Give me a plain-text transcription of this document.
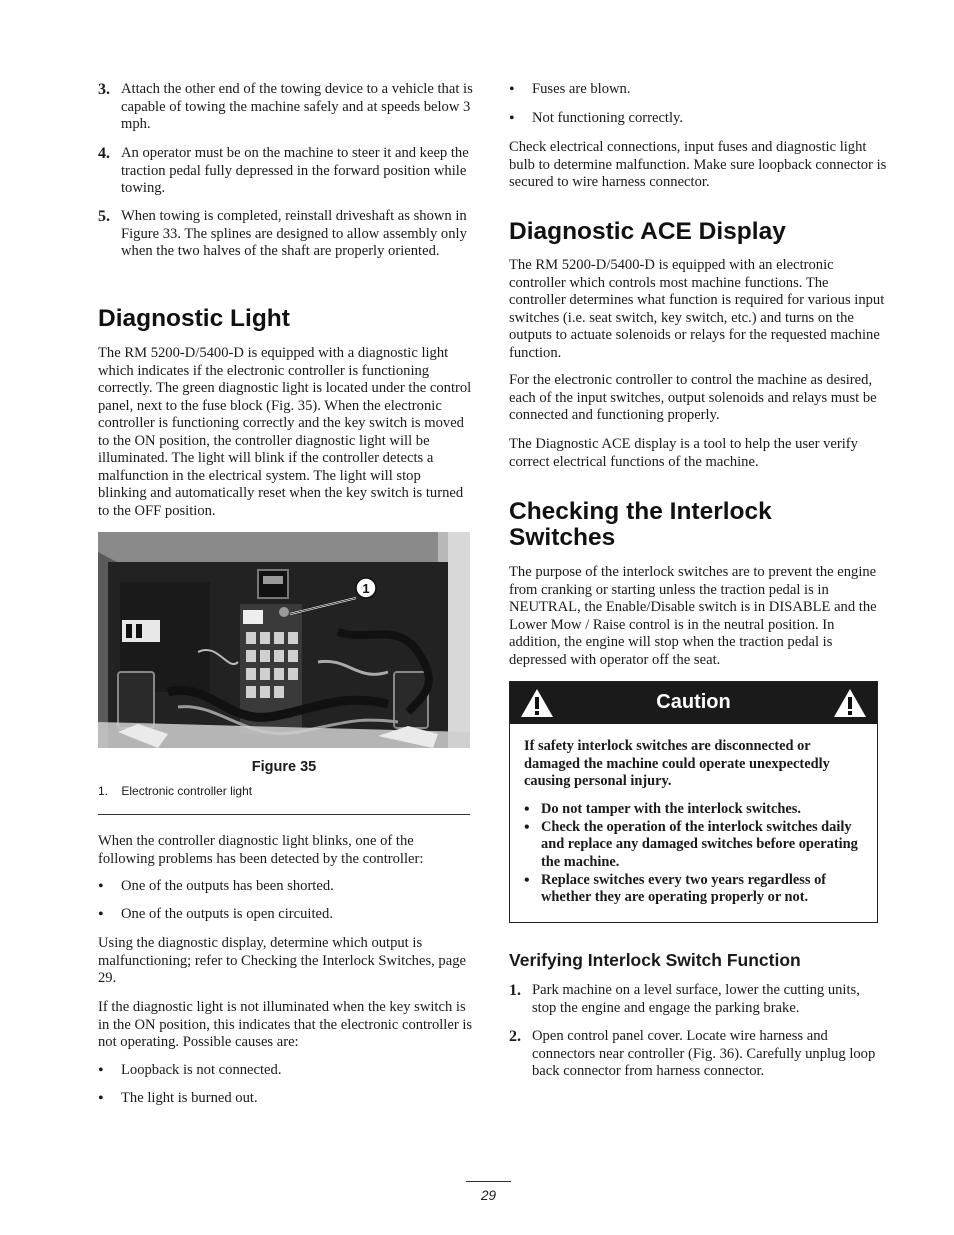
3. Attach the other end of the towing device to a vehicle that is capable of towing the machine safely and at speeds below 3 mph.

4. An operator must be on the machine to steer it and keep the traction pedal fully depressed in the forward position while towing.

5. When towing is completed, reinstall driveshaft as shown in Figure 33. The splines are designed to allow assembly only when the two halves of the shaft are properly oriented.

Diagnostic Light

The RM 5200-D/5400-D is equipped with a diagnostic light which indicates if the electronic controller is functioning correctly. The green diagnostic light is located under the control panel, next to the fuse block (Fig. 35). When the electronic controller is functioning correctly and the key switch is moved to the ON position, the controller diagnostic light will be illuminated. The light will blink if the controller detects a malfunction in the electrical system. The light will stop blinking and automatically reset when the key switch is turned to the OFF position.

1
Figure 35
1. Electronic controller light

When the controller diagnostic light blinks, one of the following problems has been detected by the controller:

•	One of the outputs has been shorted.

•	One of the outputs is open circuited.

Using the diagnostic display, determine which output is malfunctioning; refer to Checking the Interlock Switches, page 29.

If the diagnostic light is not illuminated when the key switch is in the ON position, this indicates that the electronic controller is not operating. Possible causes are:

•	Loopback is not connected.

•	The light is burned out.

•	Fuses are blown.

•	Not functioning correctly.

Check electrical connections, input fuses and diagnostic light bulb to determine malfunction. Make sure loopback connector is secured to wire harness connector.

Diagnostic ACE Display

The RM 5200-D/5400-D is equipped with an electronic controller which controls most machine functions. The controller determines what function is required for various input switches (i.e. seat switch, key switch, etc.) and turns on the outputs to actuate solenoids or relays for the requested machine function.

For the electronic controller to control the machine as desired, each of the input switches, output solenoids and relays must be connected and functioning properly.

The Diagnostic ACE display is a tool to help the user verify correct electrical functions of the machine.

Checking the Interlock
Switches

The purpose of the interlock switches are to prevent the engine from cranking or starting unless the traction pedal is in NEUTRAL, the Enable/Disable switch is in DISABLE and the Lower Mow / Raise control is in the neutral position. In addition, the engine will stop when the traction pedal is depressed with operator off the seat.

Caution

If safety interlock switches are disconnected or damaged the machine could operate unexpectedly causing personal injury.

• Do not tamper with the interlock switches.

• Check the operation of the interlock switches daily and replace any damaged switches before operating the machine.

• Replace switches every two years regardless of whether they are operating properly or not.

Verifying Interlock Switch Function
1. Park machine on a level surface, lower the cutting units, stop the engine and engage the parking brake.

2. Open control panel cover. Locate wire harness and connectors near controller (Fig. 36). Carefully unplug loop back connector from harness connector.

29
